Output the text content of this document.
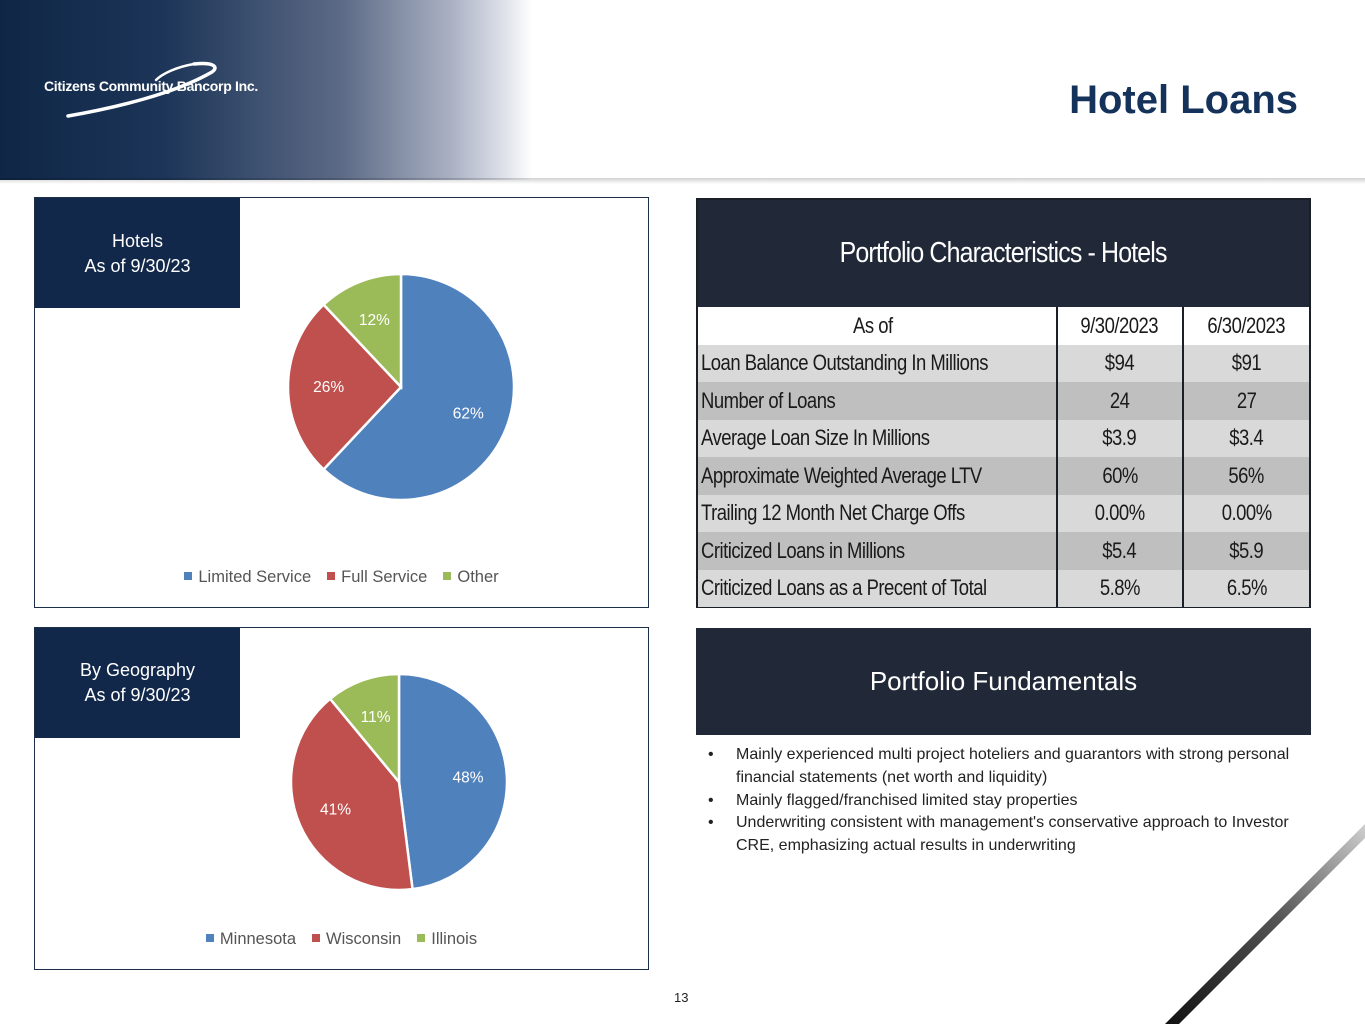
Citizens Community Bancorp Inc.	Hotel Loans
Hotels
As of 9/30/23
62%
26%
12%
Limited Service Full Service Other
By Geography
As of 9/30/23
48%
41%
11%
Minnesota Wisconsin Illinois
Portfolio Characteristics - Hotels
As of	9/30/2023	6/30/2023
Loan Balance Outstanding In Millions	$94	$91
Number of Loans	24	27
Average Loan Size In Millions	$3.9	$3.4
Approximate Weighted Average LTV	60%	56%
Trailing 12 Month Net Charge Offs	0.00%	0.00%
Criticized Loans in Millions	$5.4	$5.9
Criticized Loans as a Precent of Total	5.8%	6.5%
Portfolio Fundamentals
• Mainly experienced multi project hoteliers and guarantors with strong personal financial statements (net worth and liquidity)
• Mainly flagged/franchised limited stay properties
• Underwriting consistent with management's conservative approach to Investor CRE, emphasizing actual results in underwriting
13
